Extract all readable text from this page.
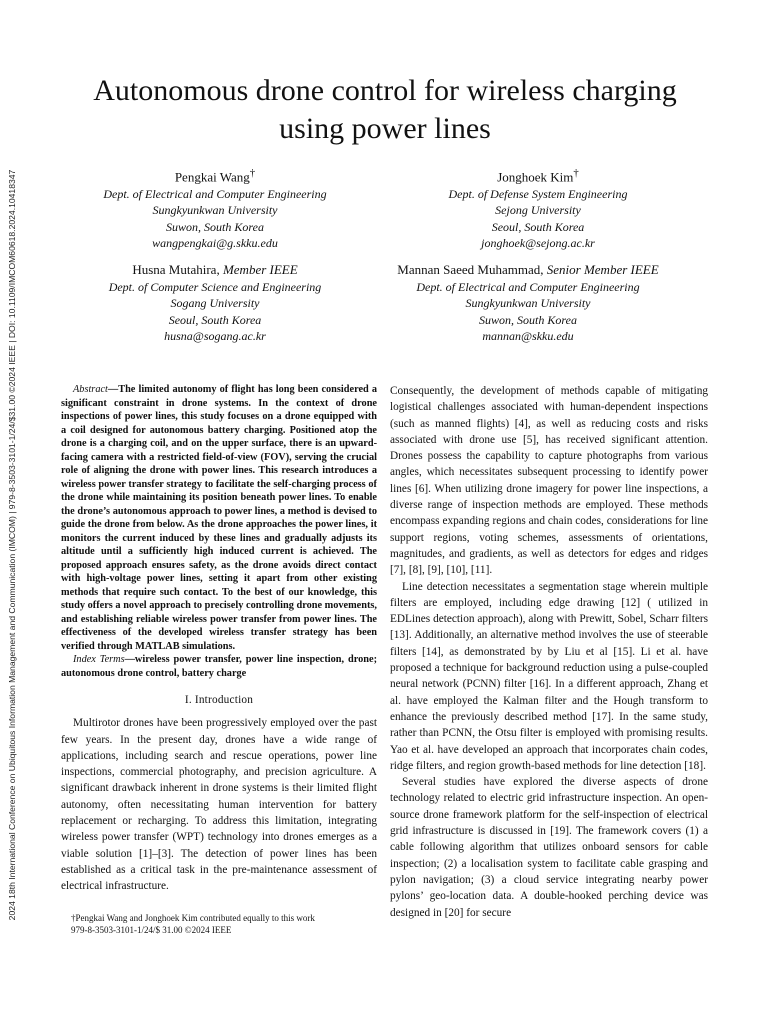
2024 18th International Conference on Ubiquitous Information Management and Communication (IMCOM) | 979-8-3503-3101-1/24/$31.00 ©2024 IEEE | DOI: 10.1109/IMCOM60618.2024.10418347
Autonomous drone control for wireless charging using power lines
Pengkai Wang†
Dept. of Electrical and Computer Engineering
Sungkyunkwan University
Suwon, South Korea
wangpengkai@g.skku.edu
Jonghoek Kim†
Dept. of Defense System Engineering
Sejong University
Seoul, South Korea
jonghoek@sejong.ac.kr
Husna Mutahira, Member IEEE
Dept. of Computer Science and Engineering
Sogang University
Seoul, South Korea
husna@sogang.ac.kr
Mannan Saeed Muhammad, Senior Member IEEE
Dept. of Electrical and Computer Engineering
Sungkyunkwan University
Suwon, South Korea
mannan@skku.edu

Abstract—The limited autonomy of flight has long been considered a significant constraint in drone systems. In the context of drone inspections of power lines, this study focuses on a drone equipped with a coil designed for autonomous battery charging. Positioned atop the drone is a charging coil, and on the upper surface, there is an upward-facing camera with a restricted field-of-view (FOV), serving the crucial role of aligning the drone with power lines. This research introduces a wireless power transfer strategy to facilitate the self-charging process of the drone while maintaining its position beneath power lines. To enable the drone’s autonomous approach to power lines, a method is devised to guide the drone from below. As the drone approaches the power lines, it monitors the current induced by these lines and gradually adjusts its altitude until a sufficiently high induced current is achieved. The proposed approach ensures safety, as the drone avoids direct contact with high-voltage power lines, setting it apart from other existing methods that require such contact. To the best of our knowledge, this study offers a novel approach to precisely controlling drone movements, and establishing reliable wireless power transfer from power lines. The effectiveness of the developed wireless transfer strategy has been verified through MATLAB simulations.

Index Terms—wireless power transfer, power line inspection, drone; autonomous drone control, battery charge

I. Introduction

Multirotor drones have been progressively employed over the past few years. In the present day, drones have a wide range of applications, including search and rescue operations, power line inspections, commercial photography, and precision agriculture. A significant drawback inherent in drone systems is their limited flight autonomy, often necessitating human intervention for battery replacement or recharging. To address this limitation, integrating wireless power transfer (WPT) technology into drones emerges as a viable solution [1]–[3]. The detection of power lines has been established as a critical task in the pre-maintenance assessment of electrical infrastructure.

†Pengkai Wang and Jonghoek Kim contributed equally to this work
979-8-3503-3101-1/24/$ 31.00 ©2024 IEEE

Consequently, the development of methods capable of mitigating logistical challenges associated with human-dependent inspections (such as manned flights) [4], as well as reducing costs and risks associated with drone use [5], has received significant attention. Drones possess the capability to capture photographs from various angles, which necessitates subsequent processing to identify power lines [6]. When utilizing drone imagery for power line inspections, a diverse range of inspection methods are employed. These methods encompass expanding regions and chain codes, considerations for line support regions, voting schemes, assessments of orientations, magnitudes, and gradients, as well as detectors for edges and ridges [7], [8], [9], [10], [11].

Line detection necessitates a segmentation stage wherein multiple filters are employed, including edge drawing [12] ( utilized in EDLines detection approach), along with Prewitt, Sobel, Scharr filters [13]. Additionally, an alternative method involves the use of steerable filters [14], as demonstrated by by Liu et al [15]. Li et al. have proposed a technique for background reduction using a pulse-coupled neural network (PCNN) filter [16]. In a different approach, Zhang et al. have employed the Kalman filter and the Hough transform to enhance the previously described method [17]. In the same study, rather than PCNN, the Otsu filter is employed with promising results. Yao et al. have developed an approach that incorporates chain codes, ridge filters, and region growth-based methods for line detection [18].

Several studies have explored the diverse aspects of drone technology related to electric grid infrastructure inspection. An open-source drone framework platform for the self-inspection of electrical grid infrastructure is discussed in [19]. The framework covers (1) a cable following algorithm that utilizes onboard sensors for cable inspection; (2) a localisation system to facilitate cable grasping and pylon navigation; (3) a cloud service integrating nearby power pylons’ geo-location data. A double-hooked perching device was designed in [20] for secure
